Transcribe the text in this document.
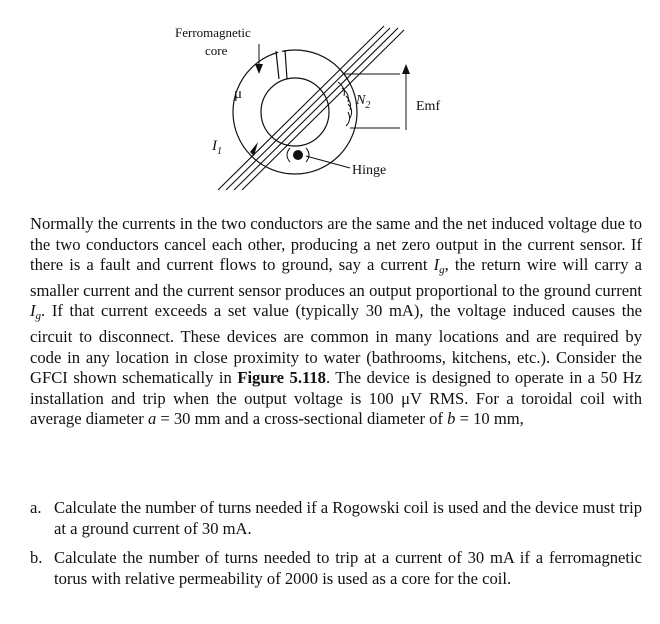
Ferromagnetic
core
$N_2$	Emf
μ
$I_1$
Hinge
Normally the currents in the two conductors are the same and the net induced voltage due to the two conductors cancel each other, producing a net zero output in the current sensor. If there is a fault and current flows to ground, say a current $I_g$, the return wire will carry a smaller current and the current sensor produces an output proportional to the ground current $I_g$. If that current exceeds a set value (typically 30 mA), the voltage induced causes the circuit to disconnect. These devices are common in many locations and are required by code in any location in close proximity to water (bathrooms, kitchens, etc.). Consider the GFCI shown schematically in Figure 5.118. The device is designed to operate in a 50 Hz installation and trip when the output voltage is 100 μV RMS. For a toroidal coil with average diameter a = 30 mm and a cross-sectional diameter of b = 10 mm,
a. Calculate the number of turns needed if a Rogowski coil is used and the device must trip at a ground current of 30 mA.
b. Calculate the number of turns needed to trip at a current of 30 mA if a ferromagnetic torus with relative permeability of 2000 is used as a core for the coil.
